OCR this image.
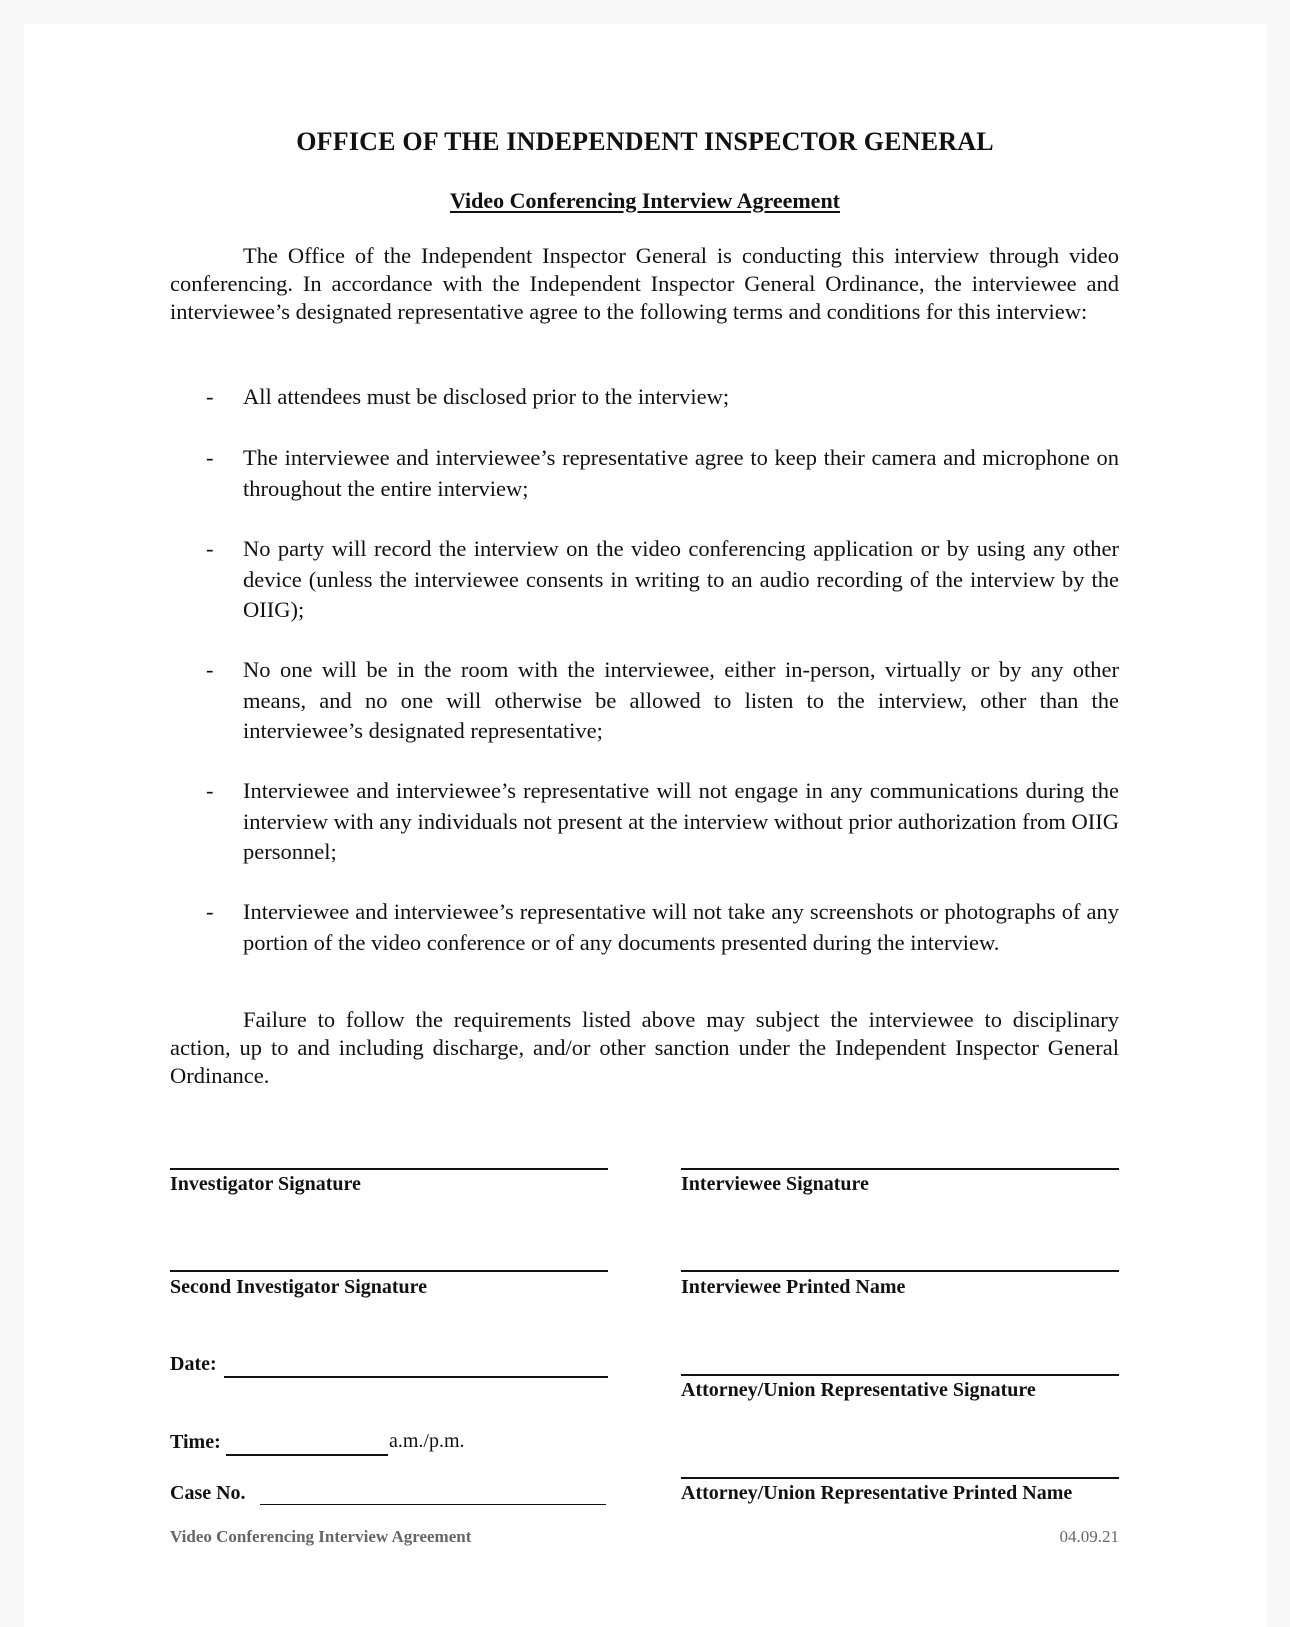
OFFICE OF THE INDEPENDENT INSPECTOR GENERAL
Video Conferencing Interview Agreement
The Office of the Independent Inspector General is conducting this interview through video conferencing. In accordance with the Independent Inspector General Ordinance, the interviewee and interviewee’s designated representative agree to the following terms and conditions for this interview:
- All attendees must be disclosed prior to the interview;
- The interviewee and interviewee’s representative agree to keep their camera and microphone on throughout the entire interview;
- No party will record the interview on the video conferencing application or by using any other device (unless the interviewee consents in writing to an audio recording of the interview by the OIIG);
- No one will be in the room with the interviewee, either in-person, virtually or by any other means, and no one will otherwise be allowed to listen to the interview, other than the interviewee’s designated representative;
- Interviewee and interviewee’s representative will not engage in any communications during the interview with any individuals not present at the interview without prior authorization from OIIG personnel;
- Interviewee and interviewee’s representative will not take any screenshots or photographs of any portion of the video conference or of any documents presented during the interview.
Failure to follow the requirements listed above may subject the interviewee to disciplinary action, up to and including discharge, and/or other sanction under the Independent Inspector General Ordinance.
Investigator Signature	Interviewee Signature
Second Investigator Signature	Interviewee Printed Name
Date:
Attorney/Union Representative Signature
Time:	a.m./p.m.
Case No.	Attorney/Union Representative Printed Name
Video Conferencing Interview Agreement	04.09.21
